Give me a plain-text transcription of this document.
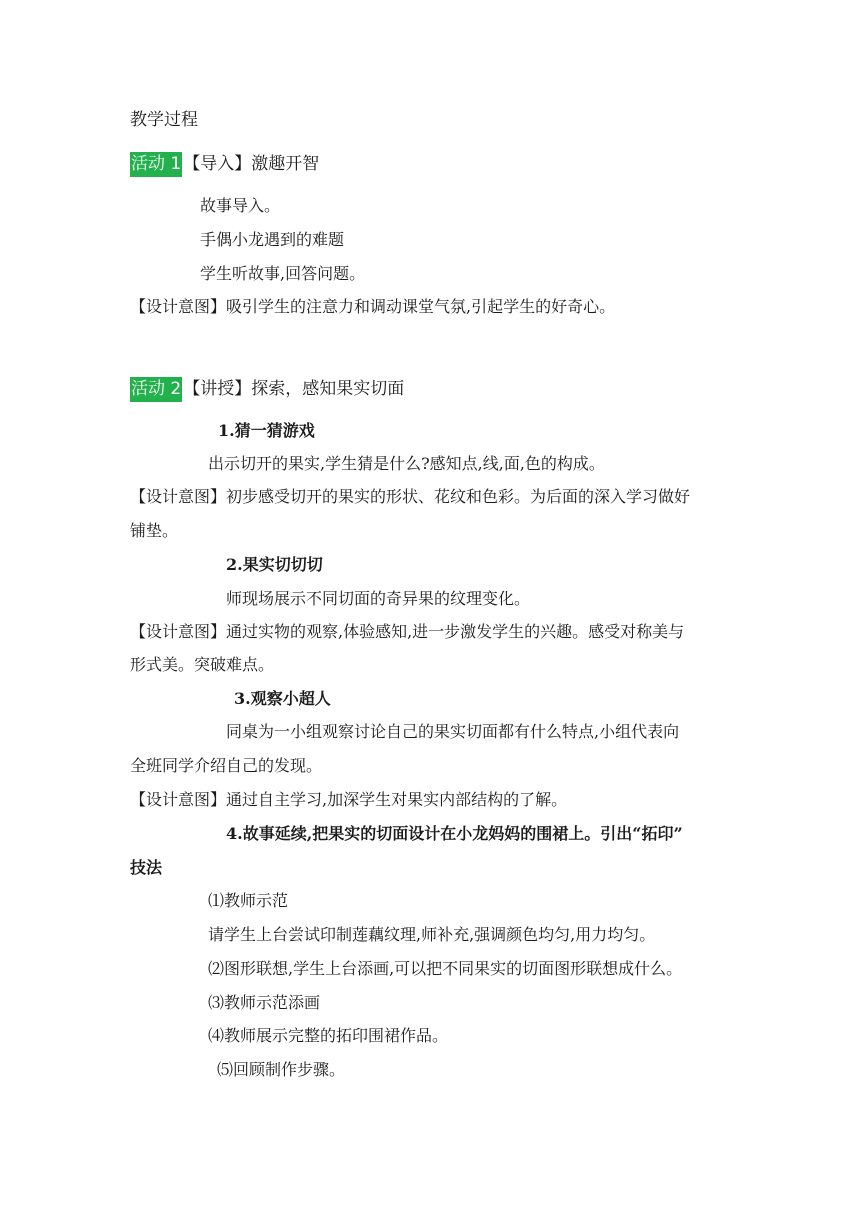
教学过程
活动 1 【导入】激趣开智
故事导入。
手偶小龙遇到的难题
学生听故事,回答问题。
【设计意图】吸引学生的注意力和调动课堂气氛,引起学生的好奇心。
活动 2 【讲授】探索，感知果实切面
1.猜一猜游戏
出示切开的果实,学生猜是什么?感知点,线,面,色的构成。
【设计意图】初步感受切开的果实的形状、花纹和色彩。为后面的深入学习做好
铺垫。
2.果实切切切
师现场展示不同切面的奇异果的纹理变化。
【设计意图】通过实物的观察,体验感知,进一步激发学生的兴趣。感受对称美与
形式美。突破难点。
3.观察小超人
同桌为一小组观察讨论自己的果实切面都有什么特点,小组代表向
全班同学介绍自己的发现。
【设计意图】通过自主学习,加深学生对果实内部结构的了解。
4.故事延续,把果实的切面设计在小龙妈妈的围裙上。引出“拓印”
技法
⑴教师示范
请学生上台尝试印制莲藕纹理,师补充,强调颜色均匀,用力均匀。
⑵图形联想,学生上台添画,可以把不同果实的切面图形联想成什么。
⑶教师示范添画
⑷教师展示完整的拓印围裙作品。
⑸回顾制作步骤。
